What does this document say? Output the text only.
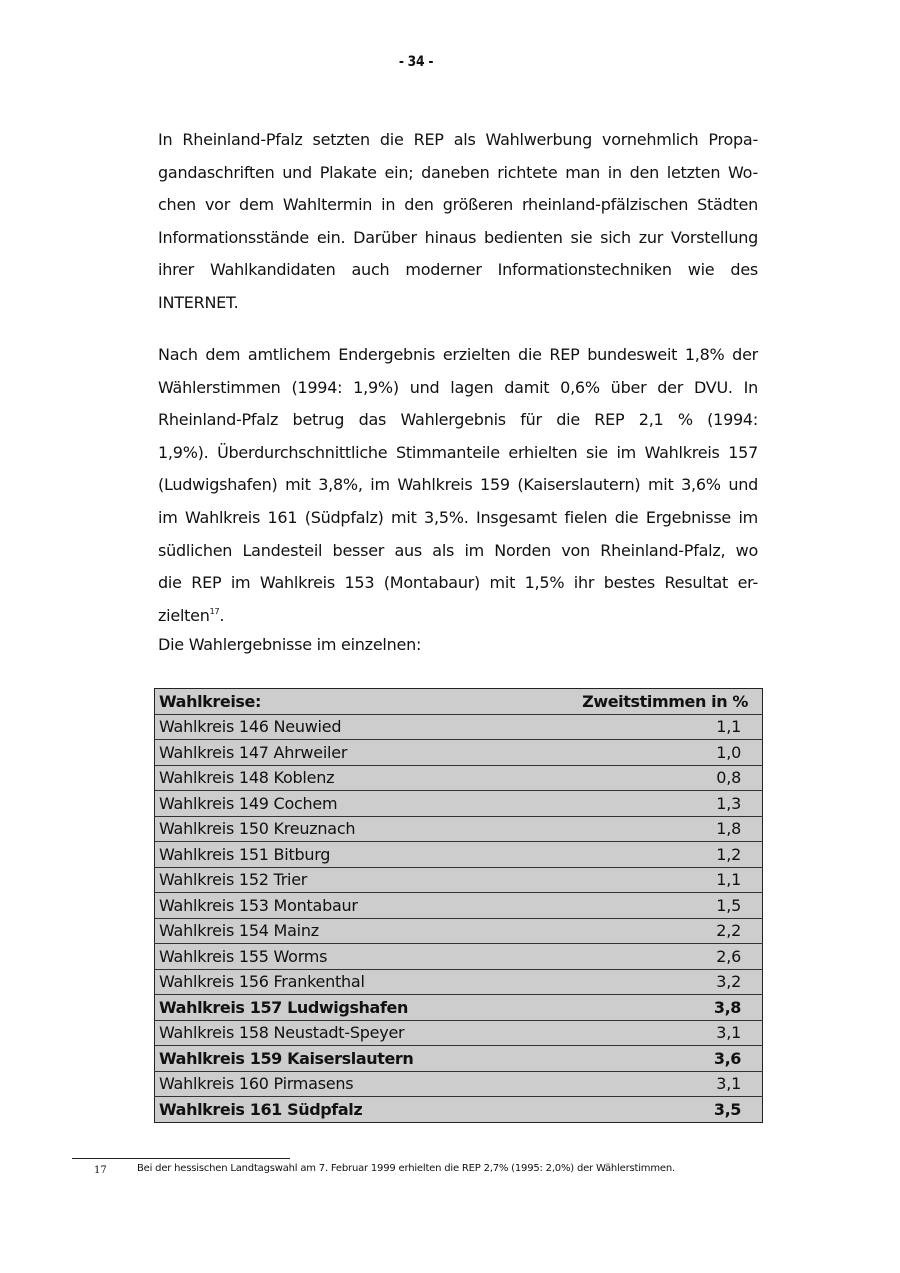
- 34 -
In Rheinland-Pfalz setzten die REP als Wahlwerbung vornehmlich Propa-
gandaschriften und Plakate ein; daneben richtete man in den letzten Wo-
chen vor dem Wahltermin in den größeren rheinland-pfälzischen Städten
Informationsstände ein. Darüber hinaus bedienten sie sich zur Vorstellung
ihrer Wahlkandidaten auch moderner Informationstechniken wie des
INTERNET.
Nach dem amtlichem Endergebnis erzielten die REP bundesweit 1,8% der
Wählerstimmen (1994: 1,9%) und lagen damit 0,6% über der DVU. In
Rheinland-Pfalz betrug das Wahlergebnis für die REP 2,1 % (1994:
1,9%). Überdurchschnittliche Stimmanteile erhielten sie im Wahlkreis 157
(Ludwigshafen) mit 3,8%, im Wahlkreis 159 (Kaiserslautern) mit 3,6% und
im Wahlkreis 161 (Südpfalz) mit 3,5%. Insgesamt fielen die Ergebnisse im
südlichen Landesteil besser aus als im Norden von Rheinland-Pfalz, wo
die REP im Wahlkreis 153 (Montabaur) mit 1,5% ihr bestes Resultat er-
zielten$^{17}$.
Die Wahlergebnisse im einzelnen:
Wahlkreise:	Zweitstimmen in %
Wahlkreis 146 Neuwied	1,1
Wahlkreis 147 Ahrweiler	1,0
Wahlkreis 148 Koblenz	0,8
Wahlkreis 149 Cochem	1,3
Wahlkreis 150 Kreuznach	1,8
Wahlkreis 151 Bitburg	1,2
Wahlkreis 152 Trier	1,1
Wahlkreis 153 Montabaur	1,5
Wahlkreis 154 Mainz	2,2
Wahlkreis 155 Worms	2,6
Wahlkreis 156 Frankenthal	3,2
Wahlkreis 157 Ludwigshafen	3,8
Wahlkreis 158 Neustadt-Speyer	3,1
Wahlkreis 159 Kaiserslautern	3,6
Wahlkreis 160 Pirmasens	3,1
Wahlkreis 161 Südpfalz	3,5
17	Bei der hessischen Landtagswahl am 7. Februar 1999 erhielten die REP 2,7% (1995: 2,0%) der Wählerstimmen.
